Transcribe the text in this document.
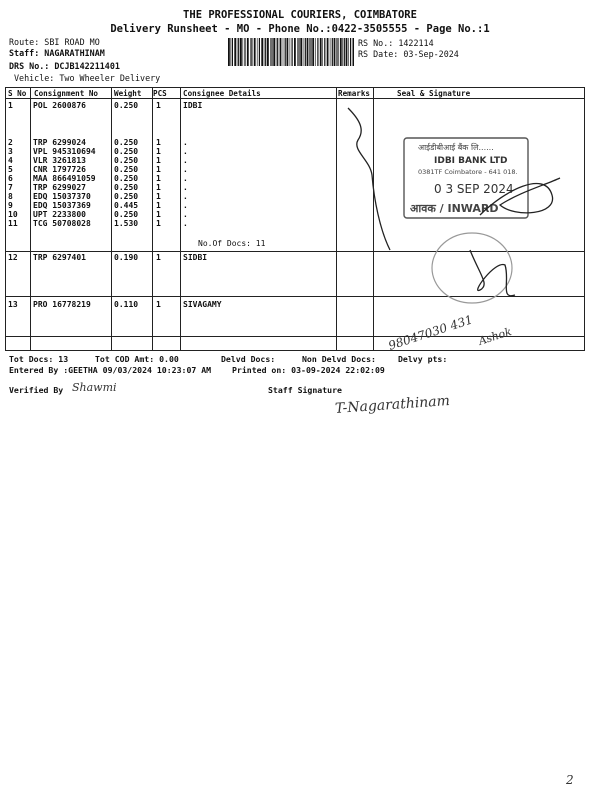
THE PROFESSIONAL COURIERS, COIMBATORE
Delivery Runsheet - MO - Phone No.:0422-3505555 - Page No.:1
Route: SBI ROAD MO
Staff: NAGARATHINAM
DRS No.: DCJB142211401
Vehicle: Two Wheeler Delivery
RS No.: 1422114
RS Date: 03-Sep-2024
S No Consignment No Weight PCS Consignee Details	Remarks	Seal & Signature
1	POL 2600876	0.250 1	IDBI
2	TRP 6299024	0.250 1	.
3	VPL 945310694 0.250 1	.
4	VLR 3261813	0.250 1	.
5	CNR 1797726	0.250 1	.
6	MAA 866491059 0.250 1	.
7	TRP 6299027	0.250 1	.
8	EDQ 15037370	0.250 1	.
9	EDQ 15037369	0.445 1	.
10 UPT 2233800	0.250 1	.
11 TCG 50708028	1.530 1	.
12 TRP 6297401	0.190 1	SIDBI
13 PRO 16778219	0.110 1	SIVAGAMY
No.Of Docs: 11
आईडीबीआई बैंक लि......
IDBI BANK LTD
0381TF Coimbatore - 641 018.
0 3 SEP 2024
आवक / INWARD
98047030 431 Ashok
Tot Docs: 13	Tot COD Amt: 0.00	Delvd Docs:	Non Delvd Docs:	Delvy pts:
Entered By :GEETHA 09/03/2024 10:23:07 AM	Printed on: 03-09-2024 22:02:09
Verified By Shawmi	Staff Signature
T-Nagarathinam
2
